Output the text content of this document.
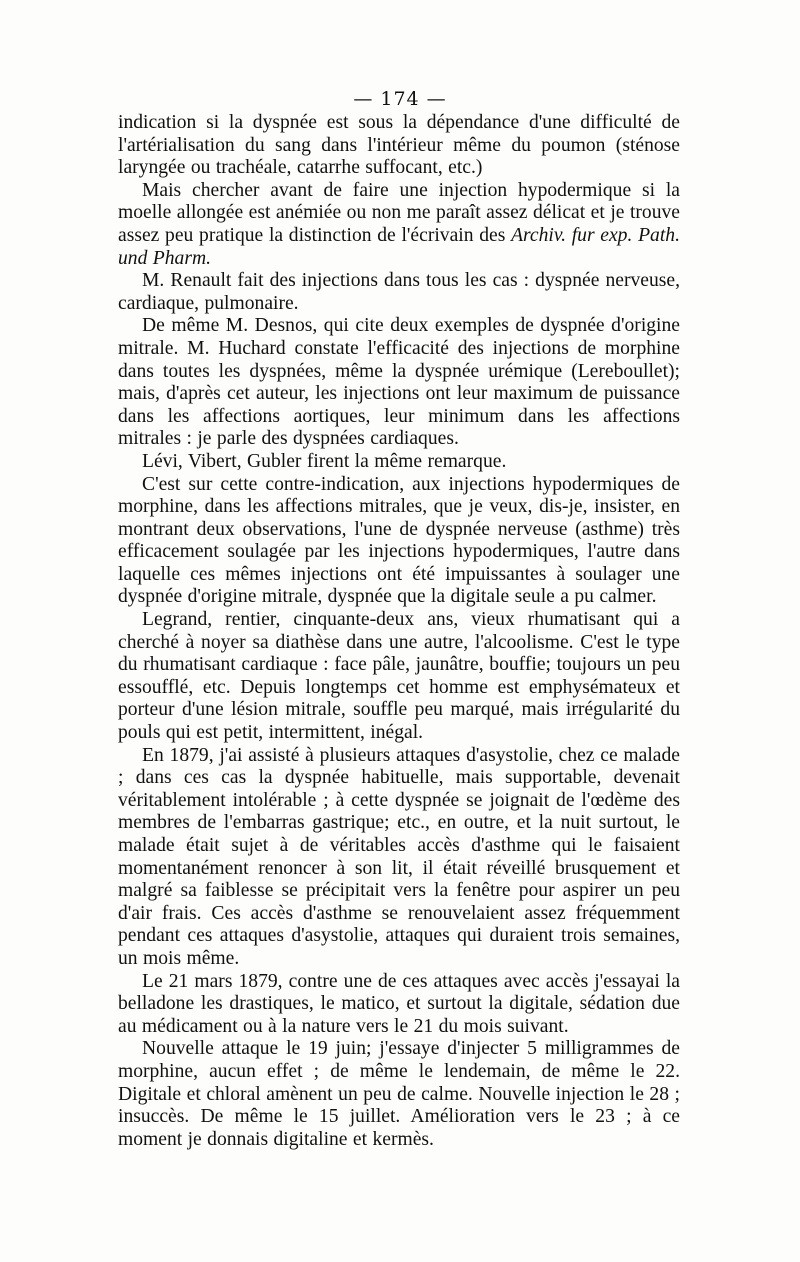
— 174 —

indication si la dyspnée est sous la dépendance d'une difficulté de l'artérialisation du sang dans l'intérieur même du poumon (sténose laryngée ou trachéale, catarrhe suffocant, etc.)

Mais chercher avant de faire une injection hypodermique si la moelle allongée est anémiée ou non me paraît assez délicat et je trouve assez peu pratique la distinction de l'écrivain des Archiv. fur exp. Path. und Pharm.

M. Renault fait des injections dans tous les cas : dyspnée nerveuse, cardiaque, pulmonaire.

De même M. Desnos, qui cite deux exemples de dyspnée d'origine mitrale. M. Huchard constate l'efficacité des injections de morphine dans toutes les dyspnées, même la dyspnée urémique (Lereboullet); mais, d'après cet auteur, les injections ont leur maximum de puissance dans les affections aortiques, leur minimum dans les affections mitrales : je parle des dyspnées cardiaques.

Lévi, Vibert, Gubler firent la même remarque.

C'est sur cette contre-indication, aux injections hypodermiques de morphine, dans les affections mitrales, que je veux, dis-je, insister, en montrant deux observations, l'une de dyspnée nerveuse (asthme) très efficacement soulagée par les injections hypodermiques, l'autre dans laquelle ces mêmes injections ont été impuissantes à soulager une dyspnée d'origine mitrale, dyspnée que la digitale seule a pu calmer.

Legrand, rentier, cinquante-deux ans, vieux rhumatisant qui a cherché à noyer sa diathèse dans une autre, l'alcoolisme. C'est le type du rhumatisant cardiaque : face pâle, jaunâtre, bouffie; toujours un peu essoufflé, etc. Depuis longtemps cet homme est emphysémateux et porteur d'une lésion mitrale, souffle peu marqué, mais irrégularité du pouls qui est petit, intermittent, inégal.

En 1879, j'ai assisté à plusieurs attaques d'asystolie, chez ce malade ; dans ces cas la dyspnée habituelle, mais supportable, devenait véritablement intolérable ; à cette dyspnée se joignait de l'œdème des membres de l'embarras gastrique; etc., en outre, et la nuit surtout, le malade était sujet à de véritables accès d'asthme qui le faisaient momentanément renoncer à son lit, il était réveillé brusquement et malgré sa faiblesse se précipitait vers la fenêtre pour aspirer un peu d'air frais. Ces accès d'asthme se renouvelaient assez fréquemment pendant ces attaques d'asystolie, attaques qui duraient trois semaines, un mois même.

Le 21 mars 1879, contre une de ces attaques avec accès j'essayai la belladone les drastiques, le matico, et surtout la digitale, sédation due au médicament ou à la nature vers le 21 du mois suivant.

Nouvelle attaque le 19 juin; j'essaye d'injecter 5 milligrammes de morphine, aucun effet ; de même le lendemain, de même le 22. Digitale et chloral amènent un peu de calme. Nouvelle injection le 28 ; insuccès. De même le 15 juillet. Amélioration vers le 23 ; à ce moment je donnais digitaline et kermès.
